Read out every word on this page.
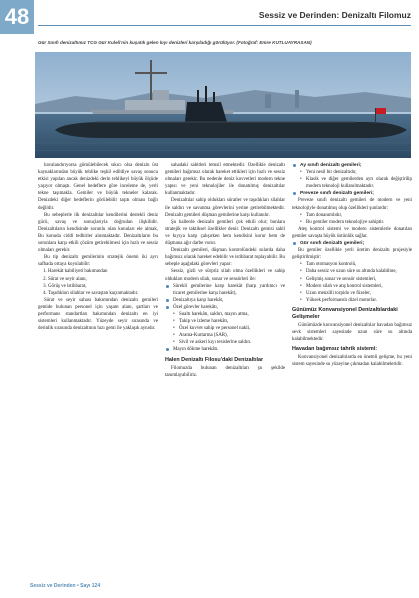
48	Sessiz ve Derinden: Denizaltı Filomuz
Gür Sınıfı denizaltımız TCG Gür Kuleli'nin kuşatık gelen kıyı denizleri karşıladığı görülüyor. (Fotoğraf: Emre KUTLUAYRASAN)

havalandırıyorsa gömülebilecek sıkıcı olsa denizin üst kaynaklarından büyük tehlike teşkil edildiye savaş sonucu etkisi yapılan ancak denizdeki derin tehlikeyi büyük ölçüde yaşıyor olmaştı. Genel hedeflere göre inceleme de, yerli tekne taşımakla. Gemiler ve büyük tekneler kalarak. Denizdeki diğer hedeflerin görülebilir taşıtı olması bağlı değildir.

Bu sebeplerle ilk denizaltılar kendilerini destekli deniz gücü, savaş ve sonuçlarıyla doğrudan ilişkilidir. Denizaltıların kendisinde sorunlu olan konuları ele almak, Bu konuda ciddi tedbirler alınmaktadır. Denizaltıların bu sorunlara karşı etkili çözüm getirebilmesi için hızlı ve sessiz olmaları gerekir.

Bu tip denizaltı gemilerinin stratejik önemi iki ayrı safhada ortaya koyulabilir:

1. Harekât kabiliyeti bakımından
2. Sürat ve seyir alanı,
3. Görüş ve istihbarat,
4. Taşıdıkları silahlar ve savaştan kaçınmaktadır.

Sürat ve seyir sahası bakımından denizaltı gemileri gemide bulunan personel için yaşam alanı, şartları ve performans standartları bakımından denizaltı en iyi sistemleri kullanmaktadır. Yüzeyde seyir sırasında ve derinlik sırasında denizaltının hızı gemi ile yaklaşık aynıdır.

sahadaki sabitleri temsil etmektedir. Özellikle denizaltı gemileri bağımsız olarak hareket ettikleri için hızlı ve sessiz olmaları gerekir. Bu nedenle deniz kuvvetleri modern tekne yapısı ve yeni teknolojiler ile donatılmış denizaltılar kullanmaktadır.

Denizaltılar sahip oldukları süratler ve taşıdıkları silahlar ile saldırı ve savunma görevlerini yerine getirebilmektedir. Denizaltı gemileri düşman gemilerine karşı kullanılır.

Şu hallerde denizaltı gemileri çok etkili olur; bunlara stratejik ve taktiksel özellikler denir. Denizaltı gemisi sahil ve kıyıya karşı çalışırken hem kendisini korur hem de düşmana ağır darbe vurur.

Denizaltı gemileri, düşman kontrolündeki sularda daha bağımsız olarak hareket edebilir ve istihbarat toplayabilir. Bu sebeple aşağıdaki görevleri yapar:

Sessiz, gizli ve sürpriz silah olma özellikleri ve sahip oldukları modern silah, sonar ve sensörleri ile:

Sürekli gemilerine karşı harekât (harp yardımcı ve ticaret gemilerine karşı harekât),
Denizaltıya karşı harekât,
Özel görevler harekâtı,
• Sualtı harekâtı, saldırı, mayın atma,
• Takip ve izleme harekâtı,
• Özel kuvvet sahip ve personel nakli,
• Arama-Kurtarma (SAR),
• Sivil ve askeri kıyı tesislerine saldırı.
Mayın dökme harekâtı.
Halen Denizaltı Filosu'daki Denizaltılar

Filomuzda bulunan denizaltıları şu şekilde tanımlayabiliriz.

Ay sınıfı denizaltı gemileri;
• Yeni nesil bir denizaltıdır,
• Klasik ve diğer gemilerden ayrı olarak değiştirilip modern teknoloji kullanılmaktadır.
Preveze sınıfı denizaltı gemileri;

Preveze sınıfı denizaltı gemileri de modern ve yeni teknolojiyle donatılmış olup özellikleri şunlardır:

• Tam donanımlıdır,
• Bu gemiler modern teknolojiye sahiptir.

Ateş kontrol sistemi ve modern sistemlerle donatılan gemiler savaşta büyük üstünlük sağlar.

Gür sınıfı denizaltı gemileri;

Bu gemiler özellikle yerli üretim denizaltı projesiyle geliştirilmiştir:

• Tam otomasyon kontrolü,
• Daha sessiz ve uzun süre su altında kalabilme,
• Gelişmiş sonar ve sensör sistemleri,
• Modern silah ve atış kontrol sistemleri,
• Uzun menzilli torpido ve füzeler,
• Yüksek performanslı dizel motorlar.
Günümüz Konvansiyonel Denizaltılardaki Gelişmeler

Günümüzde konvansiyonel denizaltılar havadan bağımsız sevk sistemleri sayesinde uzun süre su altında kalabilmektedir.

Havadan bağımsız tahrik sistemi:

Konvansiyonel denizaltılarda en önemli gelişme, bu yeni sistem sayesinde su yüzeyine çıkmadan kalabilmeleridir.

Sessiz ve Derinden • Sayı 124
